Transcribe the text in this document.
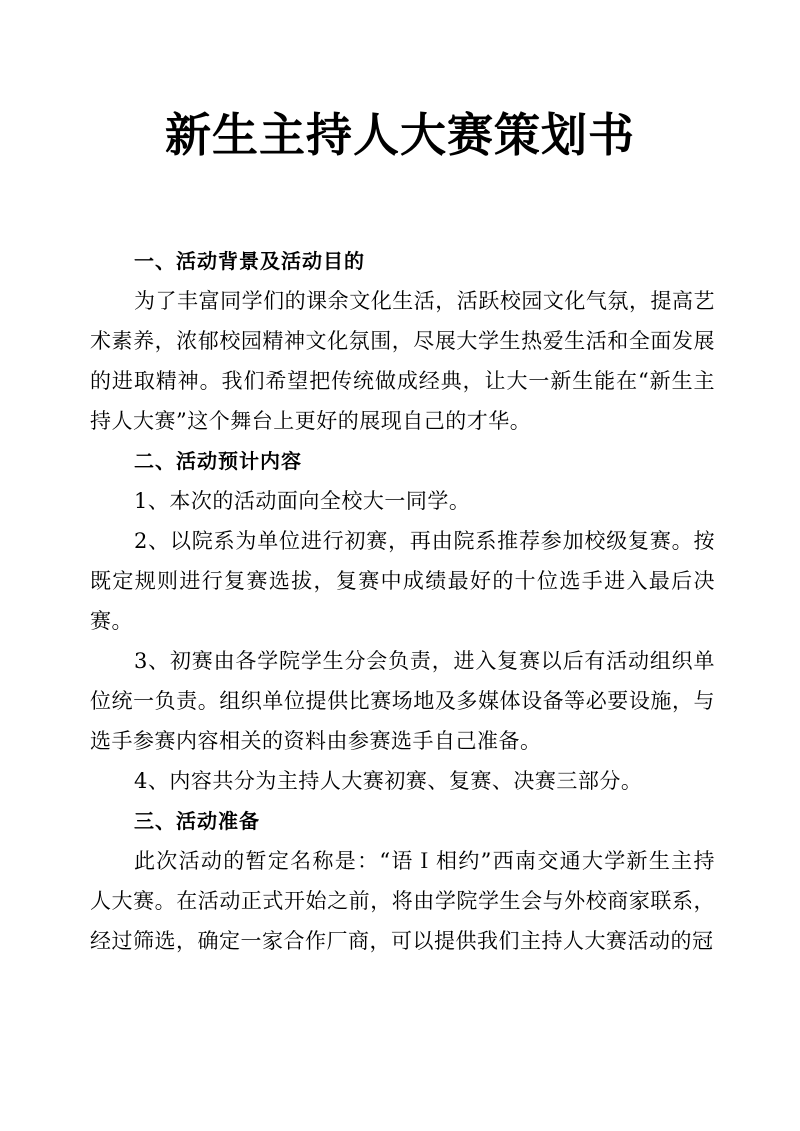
新生主持人大赛策划书
一、活动背景及活动目的

为了丰富同学们的课余文化生活，活跃校园文化气氛，提高艺术素养，浓郁校园精神文化氛围，尽展大学生热爱生活和全面发展的进取精神。我们希望把传统做成经典，让大一新生能在“新生主持人大赛”这个舞台上更好的展现自己的才华。

二、活动预计内容

1、本次的活动面向全校大一同学。

2、以院系为单位进行初赛，再由院系推荐参加校级复赛。按既定规则进行复赛选拔，复赛中成绩最好的十位选手进入最后决赛。

3、初赛由各学院学生分会负责，进入复赛以后有活动组织单位统一负责。组织单位提供比赛场地及多媒体设备等必要设施，与选手参赛内容相关的资料由参赛选手自己准备。

4、内容共分为主持人大赛初赛、复赛、决赛三部分。

三、活动准备

此次活动的暂定名称是：“语Ｉ相约”西南交通大学新生主持人大赛。在活动正式开始之前，将由学院学生会与外校商家联系，经过筛选，确定一家合作厂商，可以提供我们主持人大赛活动的冠
